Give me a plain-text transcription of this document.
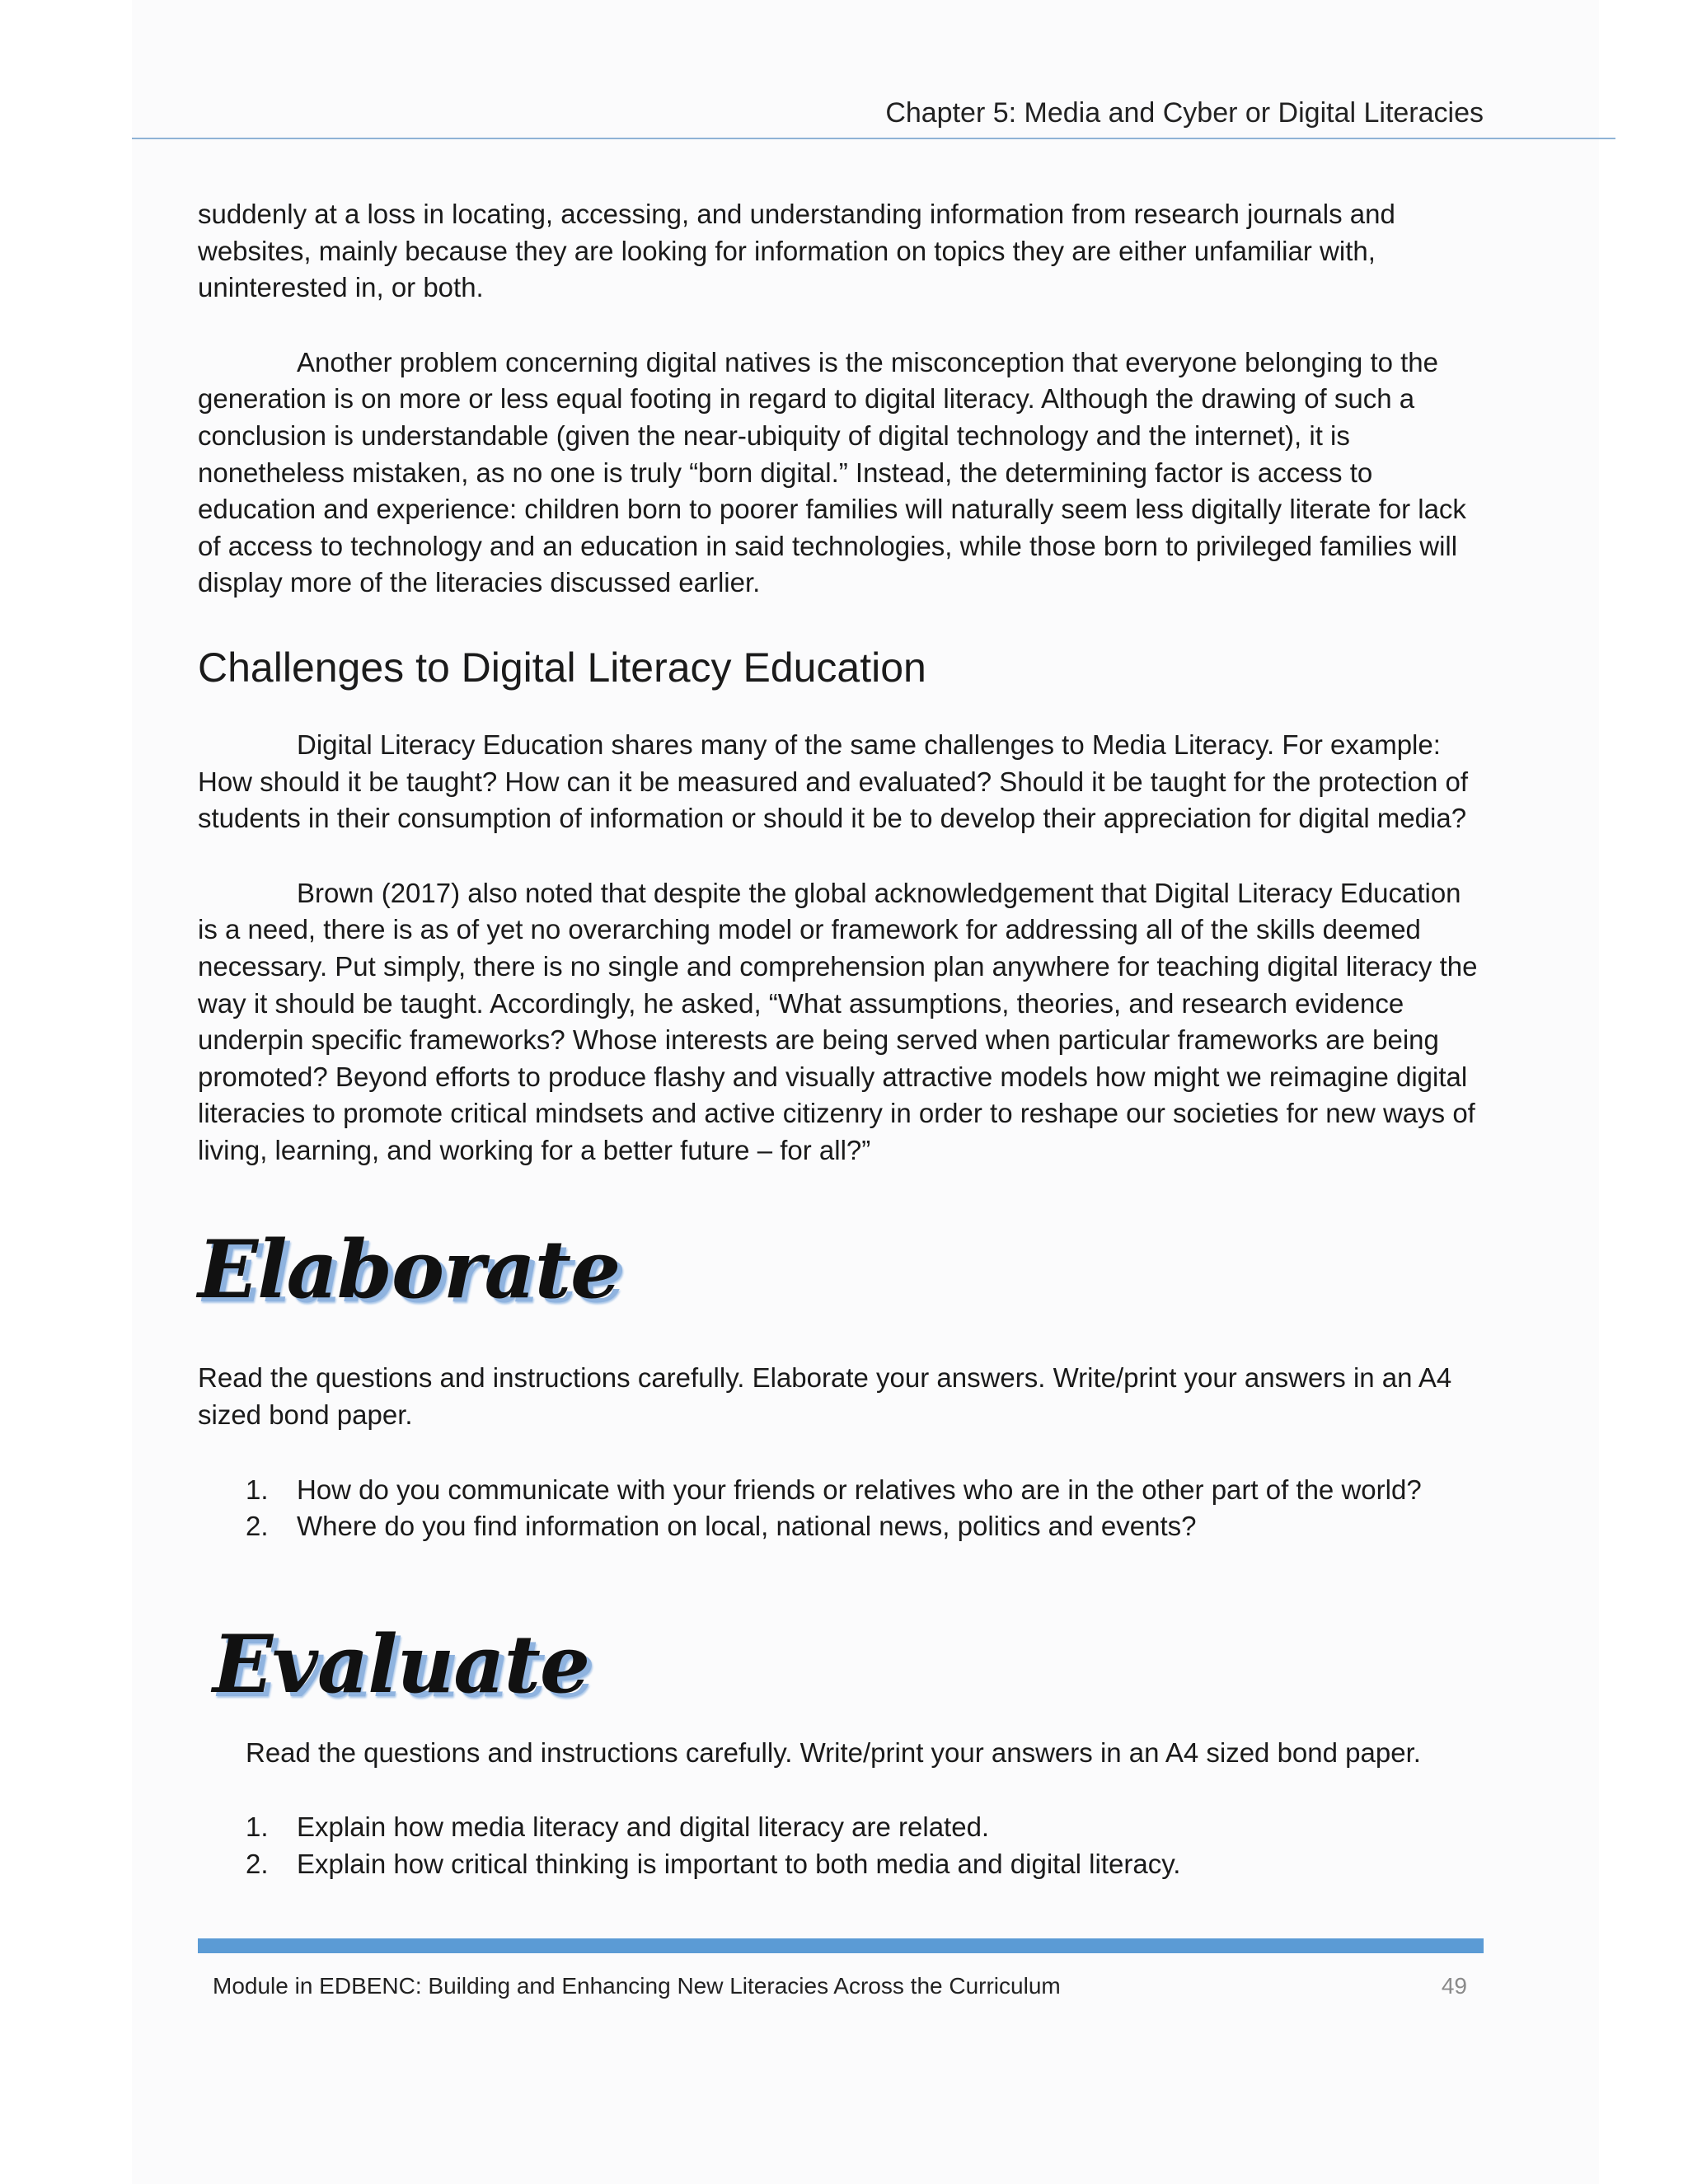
Chapter 5: Media and Cyber or Digital Literacies

suddenly at a loss in locating, accessing, and understanding information from research journals and websites, mainly because they are looking for information on topics they are either unfamiliar with, uninterested in, or both.

Another problem concerning digital natives is the misconception that everyone belonging to the generation is on more or less equal footing in regard to digital literacy. Although the drawing of such a conclusion is understandable (given the near-ubiquity of digital technology and the internet), it is nonetheless mistaken, as no one is truly “born digital.” Instead, the determining factor is access to education and experience: children born to poorer families will naturally seem less digitally literate for lack of access to technology and an education in said technologies, while those born to privileged families will display more of the literacies discussed earlier.

Challenges to Digital Literacy Education

Digital Literacy Education shares many of the same challenges to Media Literacy. For example: How should it be taught? How can it be measured and evaluated? Should it be taught for the protection of students in their consumption of information or should it be to develop their appreciation for digital media?

Brown (2017) also noted that despite the global acknowledgement that Digital Literacy Education is a need, there is as of yet no overarching model or framework for addressing all of the skills deemed necessary. Put simply, there is no single and comprehension plan anywhere for teaching digital literacy the way it should be taught. Accordingly, he asked, “What assumptions, theories, and research evidence underpin specific frameworks? Whose interests are being served when particular frameworks are being promoted? Beyond efforts to produce flashy and visually attractive models how might we reimagine digital literacies to promote critical mindsets and active citizenry in order to reshape our societies for new ways of living, learning, and working for a better future – for all?”

Elaborate

Read the questions and instructions carefully. Elaborate your answers. Write/print your answers in an A4 sized bond paper.

1. How do you communicate with your friends or relatives who are in the other part of the world?
2. Where do you find information on local, national news, politics and events?
Evaluate

Read the questions and instructions carefully. Write/print your answers in an A4 sized bond paper.

1. Explain how media literacy and digital literacy are related.
2. Explain how critical thinking is important to both media and digital literacy.
Module in EDBENC: Building and Enhancing New Literacies Across the Curriculum	49
